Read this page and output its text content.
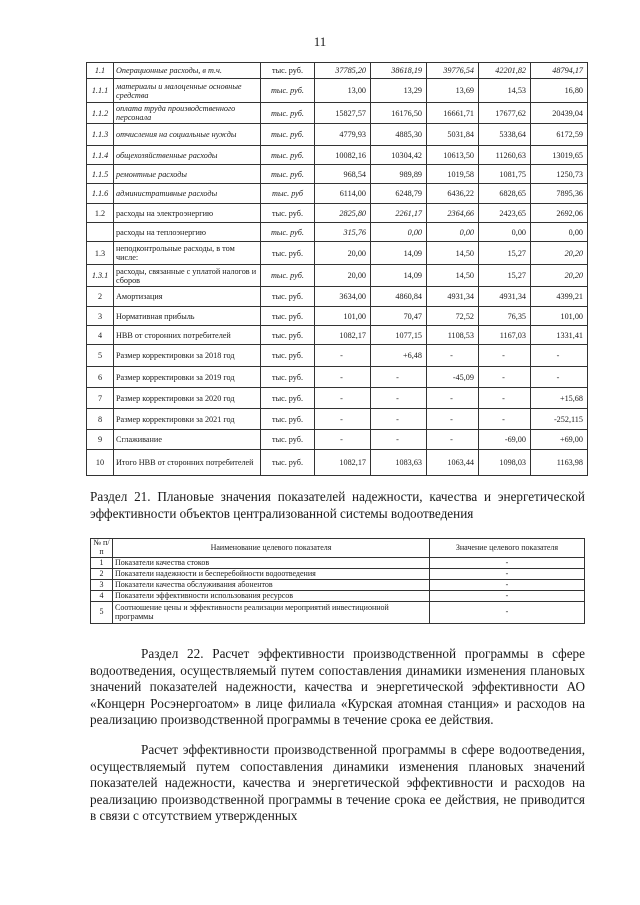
11
1.1	Операционные расходы, в т.ч.	тыс. руб.	37785,20	38618,19	39776,54	42201,82	48794,17
1.1.1	материалы и малоценные основные средства	тыс. руб.	13,00	13,29	13,69	14,53	16,80
1.1.2	оплата труда производственного персонала	тыс. руб.	15827,57	16176,50	16661,71	17677,62	20439,04
1.1.3	отчисления на социальные нужды	тыс. руб.	4779,93	4885,30	5031,84	5338,64	6172,59
1.1.4	общехозяйственные расходы	тыс. руб.	10082,16	10304,42	10613,50	11260,63	13019,65
1.1.5	ремонтные расходы	тыс. руб.	968,54	989,89	1019,58	1081,75	1250,73
1.1.6	административные расходы	тыс. руб	6114,00	6248,79	6436,22	6828,65	7895,36
1.2	расходы на электроэнергию	тыс. руб.	2825,80	2261,17	2364,66	2423,65	2692,06
	расходы на теплоэнергию	тыс. руб.	315,76	0,00	0,00	0,00	0,00
1.3	неподконтрольные расходы, в том числе:	тыс. руб.	20,00	14,09	14,50	15,27	20,20
1.3.1	расходы, связанные с уплатой налогов и сборов	тыс. руб.	20,00	14,09	14,50	15,27	20,20
2	Амортизация	тыс. руб.	3634,00	4860,84	4931,34	4931,34	4399,21
3	Нормативная прибыль	тыс. руб.	101,00	70,47	72,52	76,35	101,00
4	НВВ от сторонних потребителей	тыс. руб.	1082,17	1077,15	1108,53	1167,03	1331,41
5	Размер корректировки за 2018 год	тыс. руб.	-	+6,48	-	-	-
6	Размер корректировки за 2019 год	тыс. руб.	-	-	-45,09	-	-
7	Размер корректировки за 2020 год	тыс. руб.	-	-	-	-	+15,68
8	Размер корректировки за 2021 год	тыс. руб.	-	-	-	-	-252,115
9	Сглаживание	тыс. руб.	-	-	-	-69,00	+69,00
10	Итого НВВ от сторонних потребителей	тыс. руб.	1082,17	1083,63	1063,44	1098,03	1163,98
Раздел 21. Плановые значения показателей надежности, качества и энергетической эффективности объектов централизованной системы водоотведения
№ п/п	Наименование целевого показателя	Значение целевого показателя
1	Показатели качества стоков	-
2	Показатели надежности и бесперебойности водоотведения	-
3	Показатели качества обслуживания абонентов	-
4	Показатели эффективности использования ресурсов	-
5	Соотношение цены и эффективности реализации мероприятий инвестиционной программы	-
Раздел 22. Расчет эффективности производственной программы в сфере водоотведения, осуществляемый путем сопоставления динамики изменения плановых значений показателей надежности, качества и энергетической эффективности АО «Концерн Росэнергоатом» в лице филиала «Курская атомная станция» и расходов на реализацию производственной программы в течение срока ее действия.
Расчет эффективности производственной программы в сфере водоотведения, осуществляемый путем сопоставления динамики изменения плановых значений показателей надежности, качества и энергетической эффективности и расходов на реализацию производственной программы в течение срока ее действия, не приводится в связи с отсутствием утвержденных
